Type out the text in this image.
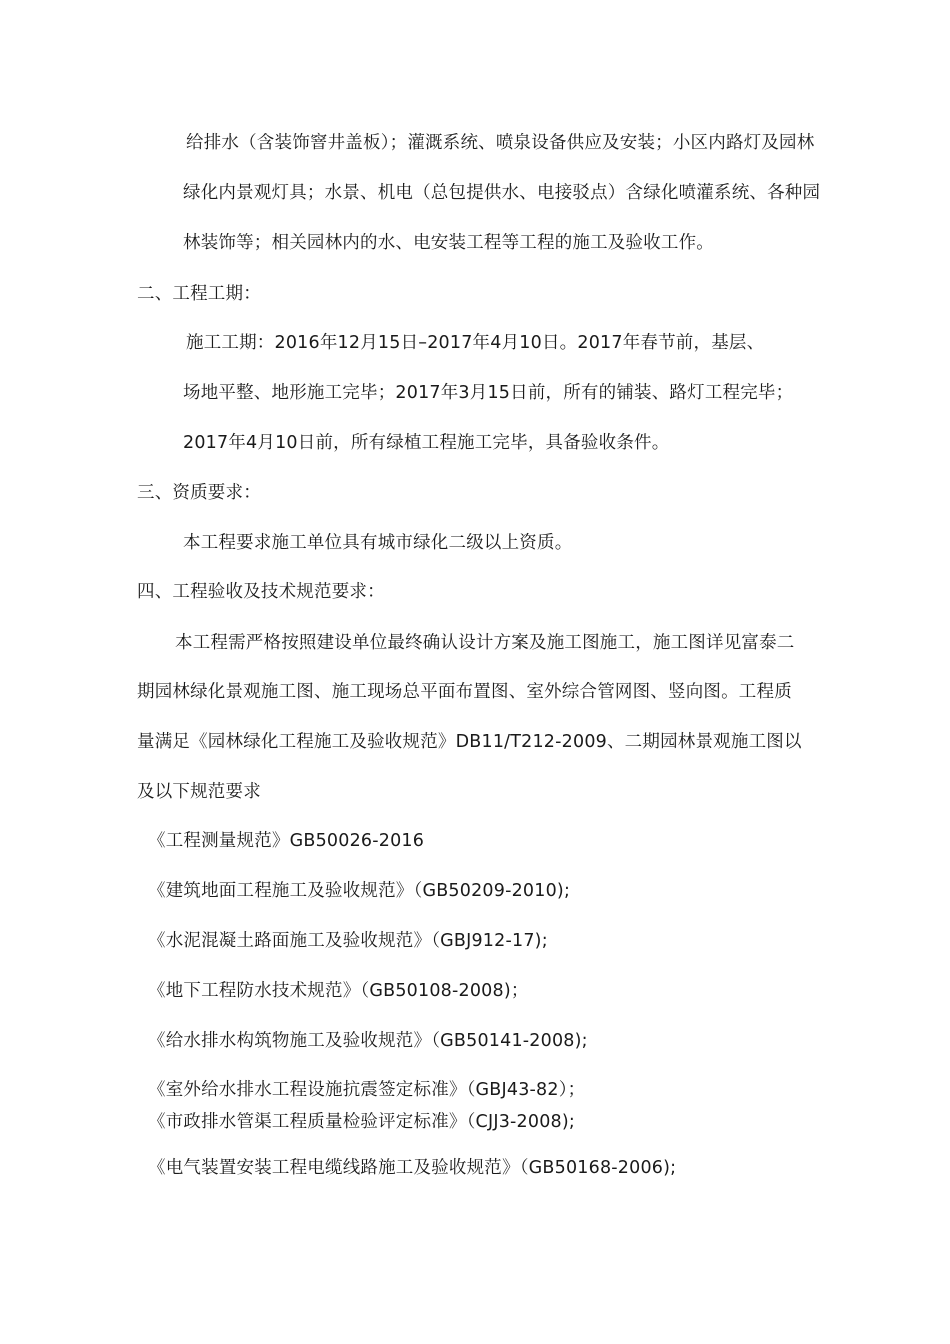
给排水（含装饰窨井盖板）；灌溉系统、喷泉设备供应及安装；小区内路灯及园林
绿化内景观灯具；水景、机电（总包提供水、电接驳点）含绿化喷灌系统、各种园
林装饰等；相关园林内的水、电安装工程等工程的施工及验收工作。
二、工程工期：
施工工期：2016年12月15日–2017年4月10日。2017年春节前，基层、
场地平整、地形施工完毕；2017年3月15日前，所有的铺装、路灯工程完毕；
2017年4月10日前，所有绿植工程施工完毕，具备验收条件。
三、资质要求：
本工程要求施工单位具有城市绿化二级以上资质。
四、工程验收及技术规范要求：
本工程需严格按照建设单位最终确认设计方案及施工图施工，施工图详见富泰二
期园林绿化景观施工图、施工现场总平面布置图、室外综合管网图、竖向图。工程质
量满足《园林绿化工程施工及验收规范》DB11/T212-2009、二期园林景观施工图以
及以下规范要求
《工程测量规范》GB50026-2016
《建筑地面工程施工及验收规范》（GB50209-2010);
《水泥混凝土路面施工及验收规范》（GBJ912-17);
《地下工程防水技术规范》（GB50108-2008)；
《给水排水构筑物施工及验收规范》（GB50141-2008);
《室外给水排水工程设施抗震签定标准》（GBJ43-82）；
《市政排水管渠工程质量检验评定标准》（CJJ3-2008);
《电气装置安装工程电缆线路施工及验收规范》（GB50168-2006);
